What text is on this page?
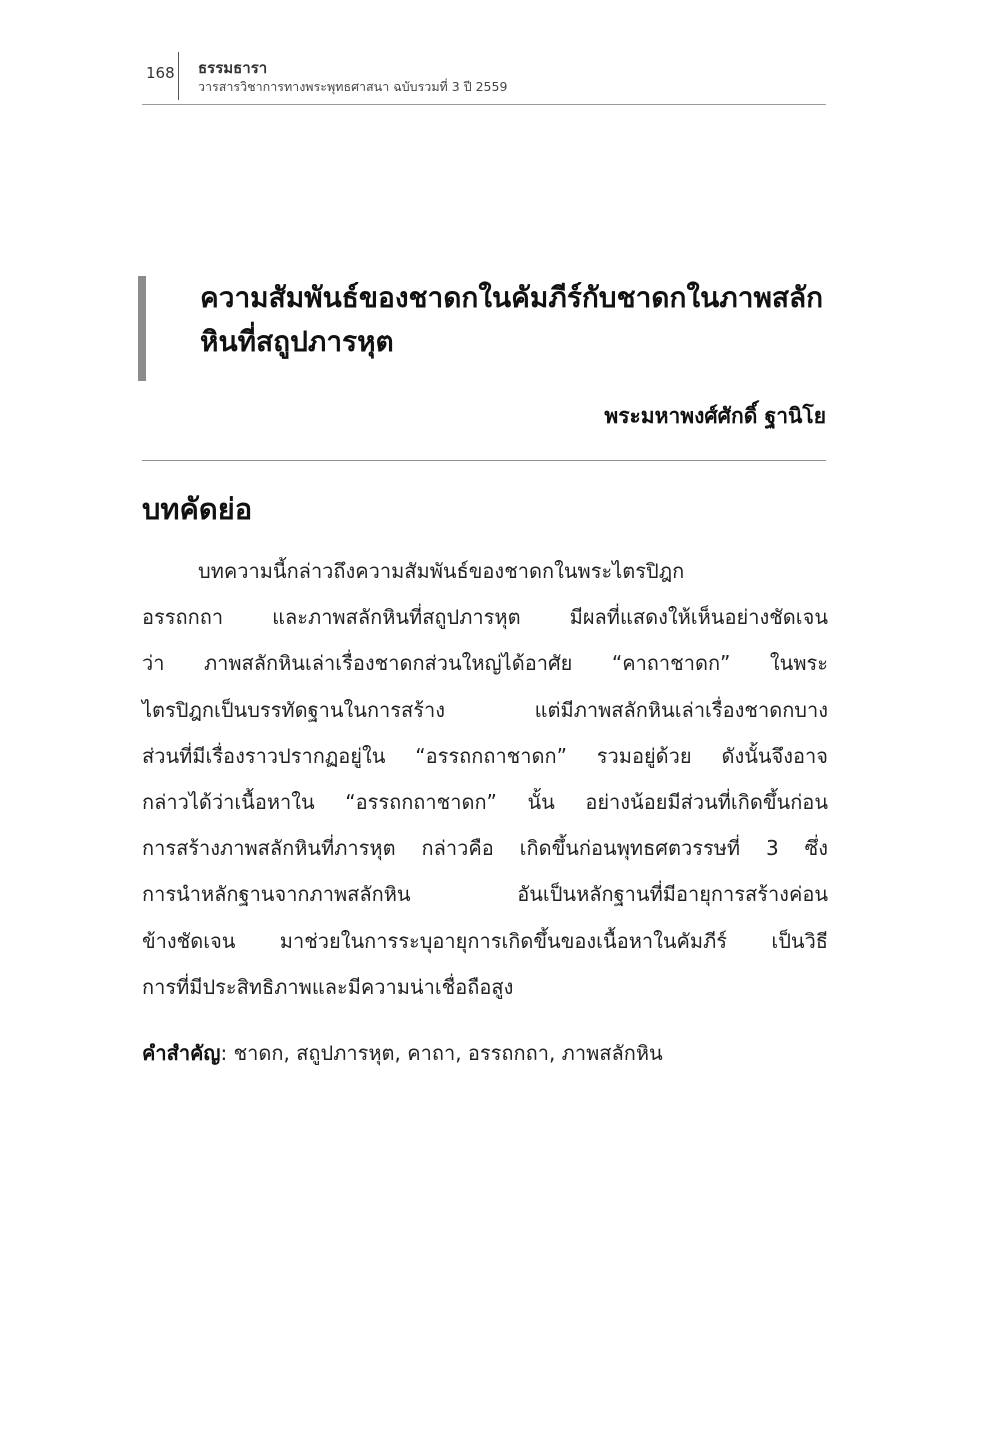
168 ธรรมธารา
วารสารวิชาการทางพระพุทธศาสนา ฉบับรวมที่ 3 ปี 2559
ความสัมพันธ์ของชาดกในคัมภีร์กับชาดกในภาพสลักหินที่สถูปภารหุต
พระมหาพงศ์ศักดิ์ ฐานิโย
บทคัดย่อ

บทความนี้กล่าวถึงความสัมพันธ์ของชาดกในพระไตรปิฎก
อรรถกถา และภาพสลักหินที่สถูปภารหุต มีผลที่แสดงให้เห็นอย่างชัดเจน
ว่า ภาพสลักหินเล่าเรื่องชาดกส่วนใหญ่ได้อาศัย “คาถาชาดก” ในพระ
ไตรปิฎกเป็นบรรทัดฐานในการสร้าง แต่มีภาพสลักหินเล่าเรื่องชาดกบาง
ส่วนที่มีเรื่องราวปรากฏอยู่ใน “อรรถกถาชาดก” รวมอยู่ด้วย ดังนั้นจึงอาจ
กล่าวได้ว่าเนื้อหาใน “อรรถกถาชาดก” นั้น อย่างน้อยมีส่วนที่เกิดขึ้นก่อน
การสร้างภาพสลักหินที่ภารหุต กล่าวคือ เกิดขึ้นก่อนพุทธศตวรรษที่ 3 ซึ่ง
การนำหลักฐานจากภาพสลักหิน อันเป็นหลักฐานที่มีอายุการสร้างค่อน
ข้างชัดเจน มาช่วยในการระบุอายุการเกิดขึ้นของเนื้อหาในคัมภีร์ เป็นวิธี
การที่มีประสิทธิภาพและมีความน่าเชื่อถือสูง

คำสำคัญ: ชาดก, สถูปภารหุต, คาถา, อรรถกถา, ภาพสลักหิน
